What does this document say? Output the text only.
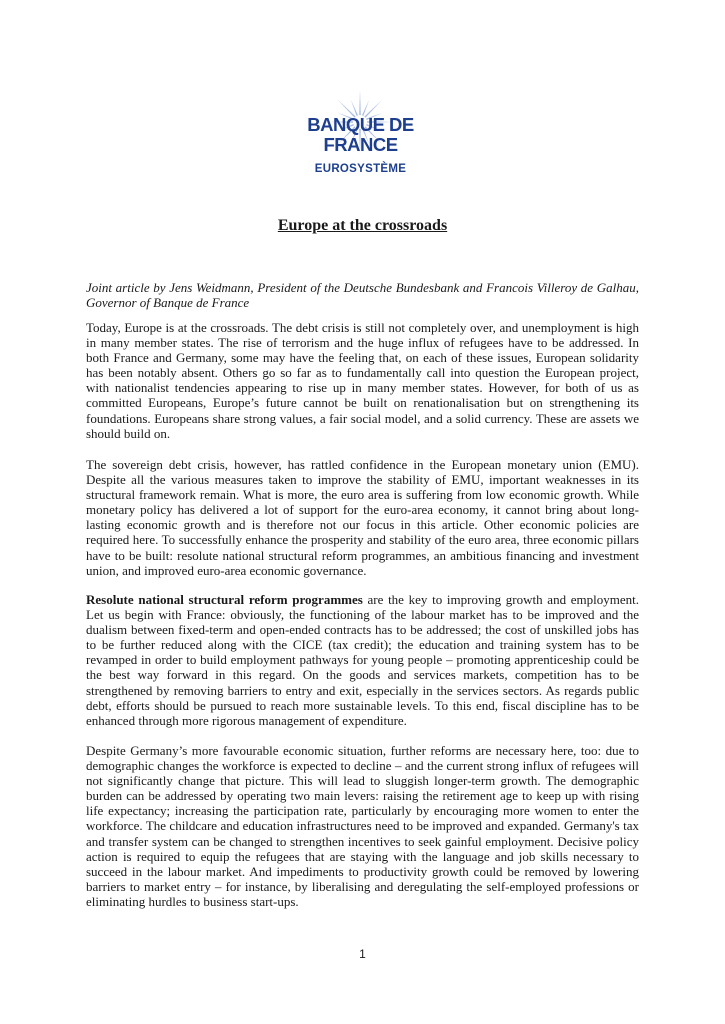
BANQUE DE FRANCE
EUROSYSTÈME
Europe at the crossroads
Joint article by Jens Weidmann, President of the Deutsche Bundesbank and Francois Villeroy de Galhau, Governor of Banque de France
Today, Europe is at the crossroads. The debt crisis is still not completely over, and unemployment is high in many member states. The rise of terrorism and the huge influx of refugees have to be addressed. In both France and Germany, some may have the feeling that, on each of these issues, European solidarity has been notably absent. Others go so far as to fundamentally call into question the European project, with nationalist tendencies appearing to rise up in many member states. However, for both of us as committed Europeans, Europe’s future cannot be built on renationalisation but on strengthening its foundations. Europeans share strong values, a fair social model, and a solid currency. These are assets we should build on.
The sovereign debt crisis, however, has rattled confidence in the European monetary union (EMU). Despite all the various measures taken to improve the stability of EMU, important weaknesses in its structural framework remain. What is more, the euro area is suffering from low economic growth. While monetary policy has delivered a lot of support for the euro-area economy, it cannot bring about long-lasting economic growth and is therefore not our focus in this article. Other economic policies are required here. To successfully enhance the prosperity and stability of the euro area, three economic pillars have to be built: resolute national structural reform programmes, an ambitious financing and investment union, and improved euro-area economic governance.
Resolute national structural reform programmes are the key to improving growth and employment. Let us begin with France: obviously, the functioning of the labour market has to be improved and the dualism between fixed-term and open-ended contracts has to be addressed; the cost of unskilled jobs has to be further reduced along with the CICE (tax credit); the education and training system has to be revamped in order to build employment pathways for young people – promoting apprenticeship could be the best way forward in this regard. On the goods and services markets, competition has to be strengthened by removing barriers to entry and exit, especially in the services sectors. As regards public debt, efforts should be pursued to reach more sustainable levels. To this end, fiscal discipline has to be enhanced through more rigorous management of expenditure.
Despite Germany’s more favourable economic situation, further reforms are necessary here, too: due to demographic changes the workforce is expected to decline – and the current strong influx of refugees will not significantly change that picture. This will lead to sluggish longer-term growth. The demographic burden can be addressed by operating two main levers: raising the retirement age to keep up with rising life expectancy; increasing the participation rate, particularly by encouraging more women to enter the workforce. The childcare and education infrastructures need to be improved and expanded. Germany's tax and transfer system can be changed to strengthen incentives to seek gainful employment. Decisive policy action is required to equip the refugees that are staying with the language and job skills necessary to succeed in the labour market. And impediments to productivity growth could be removed by lowering barriers to market entry – for instance, by liberalising and deregulating the self-employed professions or eliminating hurdles to business start-ups.
1
